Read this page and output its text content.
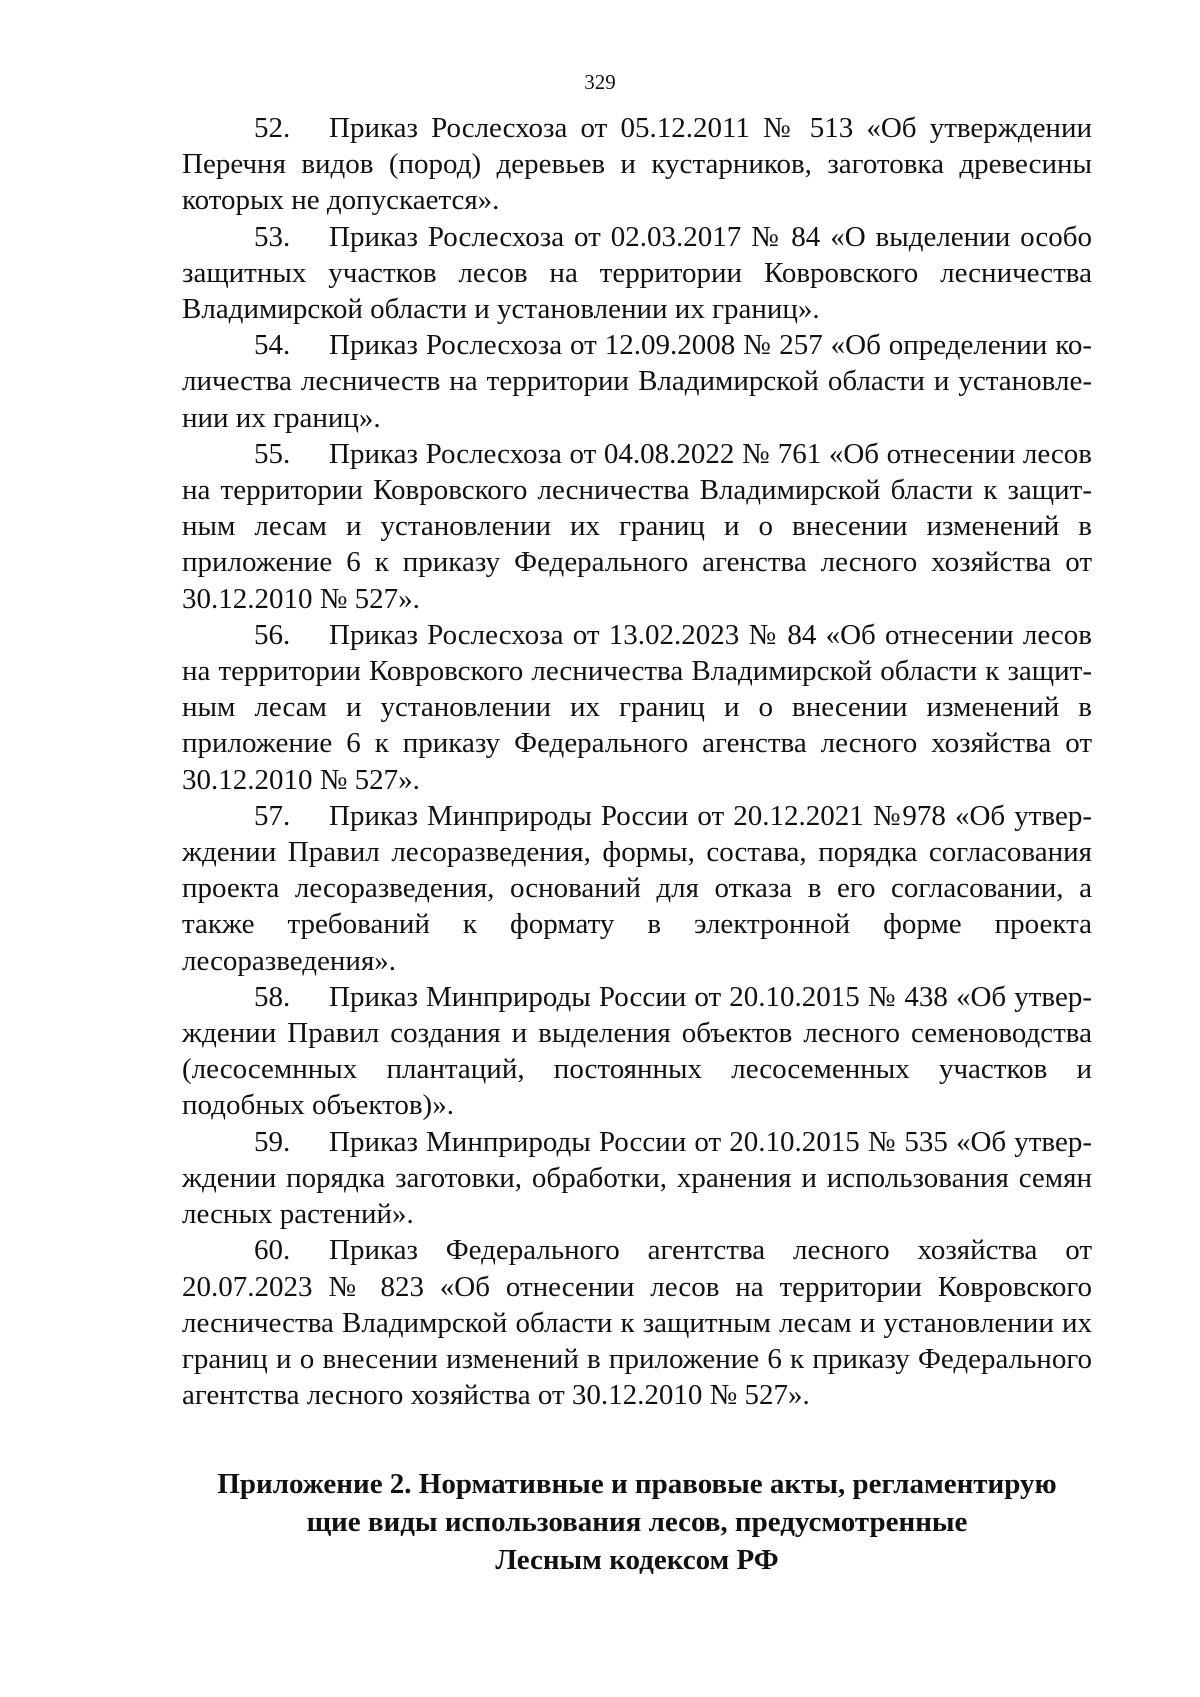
329

52. Приказ Рослесхоза от 05.12.2011 № 513 «Об утверждении Перечня видов (пород) деревьев и кустарников, заготовка древесины которых не допускается».

53. Приказ Рослесхоза от 02.03.2017 № 84 «О выделении особо защитных участков лесов на территории Ковровского лесничества Владимирской области и установлении их границ».

54. Приказ Рослесхоза от 12.09.2008 № 257 «Об определении количества лесничеств на территории Владимирской области и установлении их границ».

55. Приказ Рослесхоза от 04.08.2022 № 761 «Об отнесении лесов на территории Ковровского лесничества Владимирской бласти к защитным лесам и установлении их границ и о внесении изменений в приложение 6 к приказу Федерального агенства лесного хозяйства от 30.12.2010 № 527».

56. Приказ Рослесхоза от 13.02.2023 № 84 «Об отнесении лесов на территории Ковровского лесничества Владимирской области к защитным лесам и установлении их границ и о внесении изменений в приложение 6 к приказу Федерального агенства лесного хозяйства от 30.12.2010 № 527».

57. Приказ Минприроды России от 20.12.2021 №978 «Об утверждении Правил лесоразведения, формы, состава, порядка согласования проекта лесоразведения, оснований для отказа в его согласовании, а также требований к формату в электронной форме проекта лесоразведения».

58. Приказ Минприроды России от 20.10.2015 № 438 «Об утверждении Правил создания и выделения объектов лесного семеноводства (лесосемнных плантаций, постоянных лесосеменных участков и подобных объектов)».

59. Приказ Минприроды России от 20.10.2015 № 535 «Об утверждении порядка заготовки, обработки, хранения и использования семян лесных растений».

60. Приказ Федерального агентства лесного хозяйства от 20.07.2023 № 823 «Об отнесении лесов на территории Ковровского лесничества Владимрской области к защитным лесам и установлении их границ и о внесении изменений в приложение 6 к приказу Федерального агентства лесного хозяйства от 30.12.2010 № 527».

Приложение 2. Нормативные и правовые акты, регламентирую
щие виды использования лесов, предусмотренные
Лесным кодексом РФ
